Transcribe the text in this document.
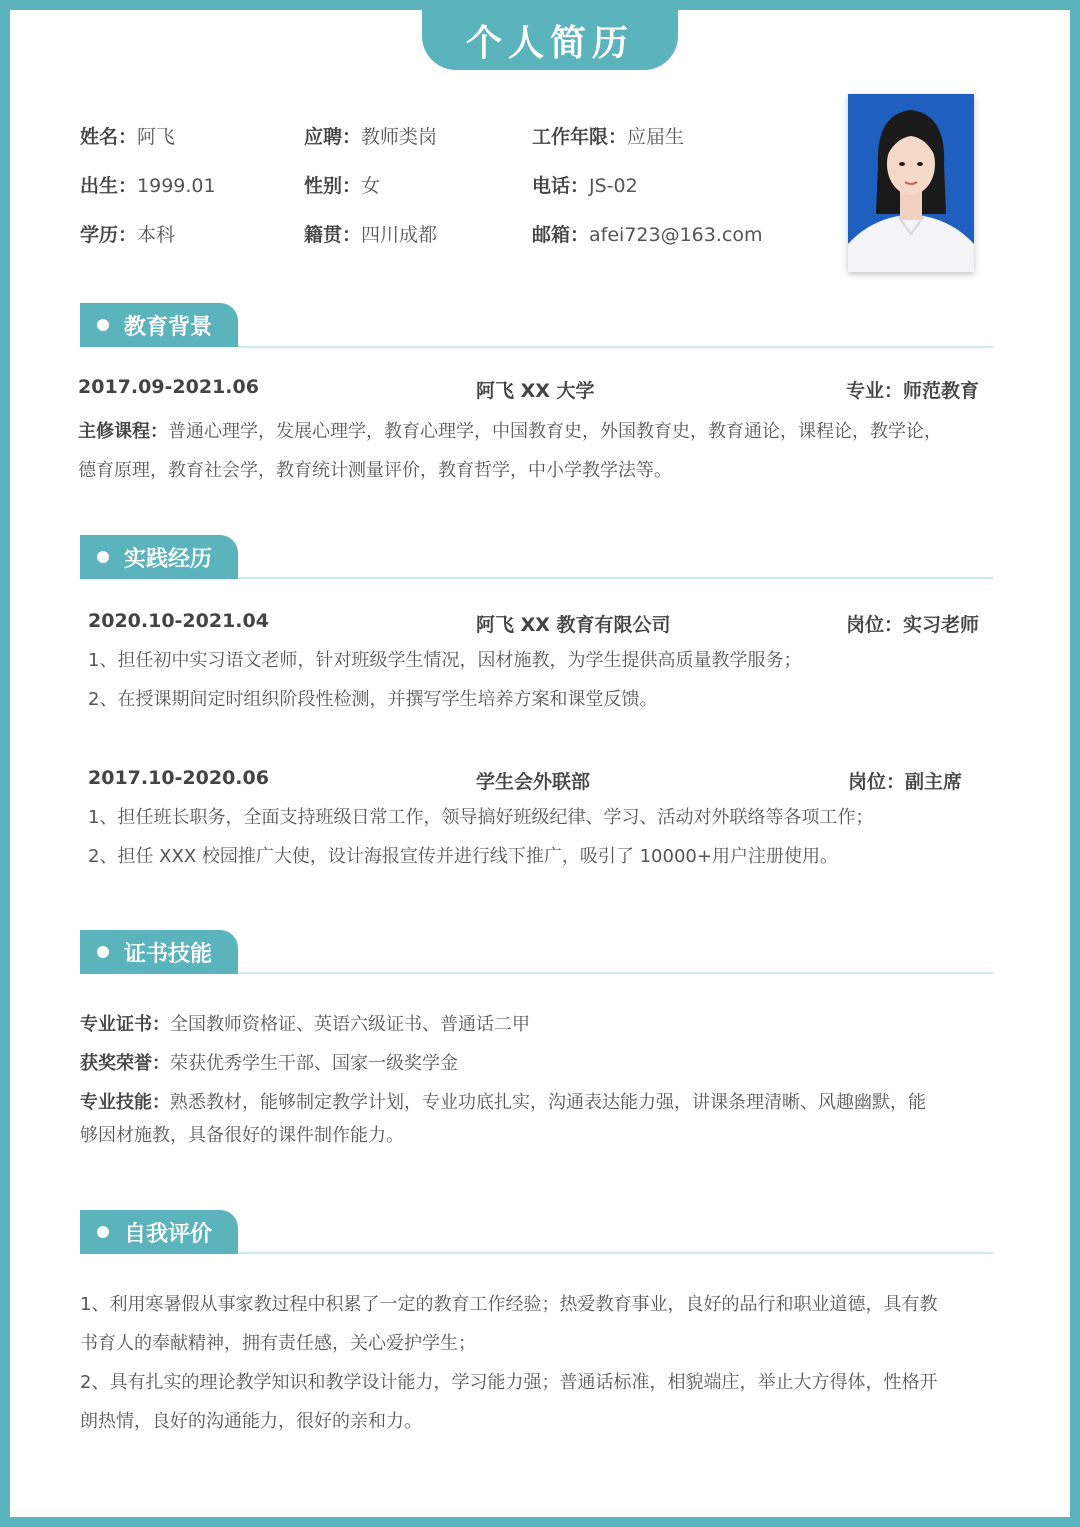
个人简历
姓名：阿飞	应聘：教师类岗	工作年限：应届生
出生：1999.01	性别：女	电话：JS-02
学历：本科	籍贯：四川成都	邮箱：afei723@163.com
教育背景
2017.09-2021.06	阿飞 XX 大学	专业：师范教育
主修课程：普通心理学，发展心理学，教育心理学，中国教育史，外国教育史，教育通论，课程论，教学论，
德育原理，教育社会学，教育统计测量评价，教育哲学，中小学教学法等。
实践经历
2020.10-2021.04	阿飞 XX 教育有限公司	岗位：实习老师
1、担任初中实习语文老师，针对班级学生情况，因材施教，为学生提供高质量教学服务；
2、在授课期间定时组织阶段性检测，并撰写学生培养方案和课堂反馈。
2017.10-2020.06	学生会外联部	岗位：副主席
1、担任班长职务，全面支持班级日常工作，领导搞好班级纪律、学习、活动对外联络等各项工作；
2、担任 XXX 校园推广大使，设计海报宣传并进行线下推广，吸引了 10000+用户注册使用。
证书技能
专业证书：全国教师资格证、英语六级证书、普通话二甲
获奖荣誉：荣获优秀学生干部、国家一级奖学金
专业技能：熟悉教材，能够制定教学计划，专业功底扎实，沟通表达能力强，讲课条理清晰、风趣幽默，能
够因材施教，具备很好的课件制作能力。
自我评价
1、利用寒暑假从事家教过程中积累了一定的教育工作经验；热爱教育事业，良好的品行和职业道德，具有教
书育人的奉献精神，拥有责任感，关心爱护学生；
2、具有扎实的理论教学知识和教学设计能力，学习能力强；普通话标准，相貌端庄，举止大方得体，性格开
朗热情，良好的沟通能力，很好的亲和力。
